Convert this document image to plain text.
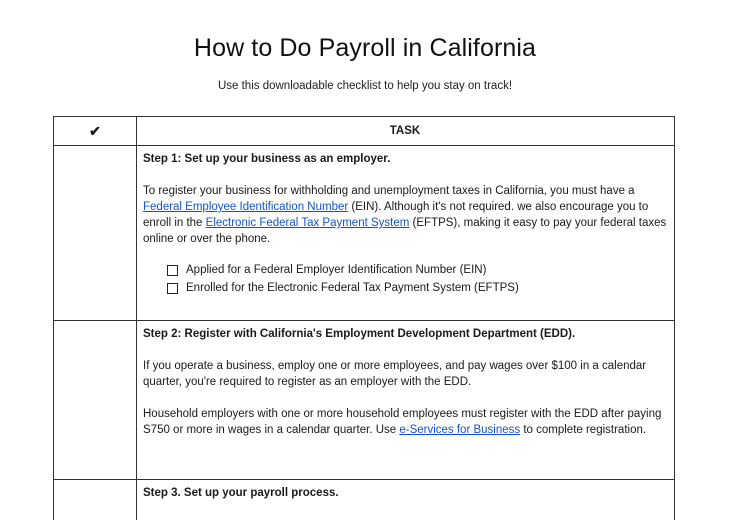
How to Do Payroll in California
Use this downloadable checklist to help you stay on track!
✔	TASK
Step 1: Set up your business as an employer.
To register your business for withholding and unemployment taxes in California, you must have a Federal Employee Identification Number (EIN). Although it's not required. we also encourage you to enroll in the Electronic Federal Tax Payment System (EFTPS), making it easy to pay your federal taxes online or over the phone.
Applied for a Federal Employer Identification Number (EIN)
Enrolled for the Electronic Federal Tax Payment System (EFTPS)
Step 2: Register with California's Employment Development Department (EDD).
If you operate a business, employ one or more employees, and pay wages over $100 in a calendar quarter, you're required to register as an employer with the EDD.
Household employers with one or more household employees must register with the EDD after paying S750 or more in wages in a calendar quarter. Use e-Services for Business to complete registration.
Step 3. Set up your payroll process.
